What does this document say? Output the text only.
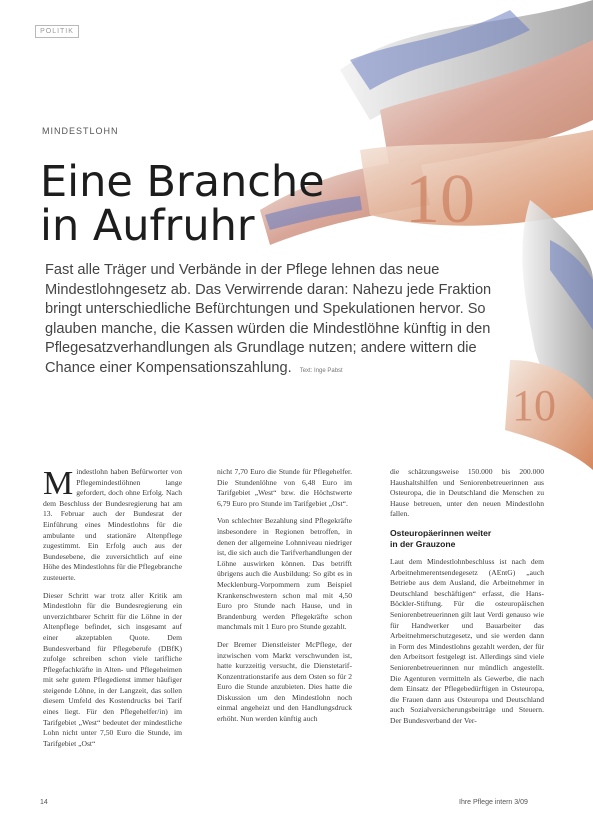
10
10
POLITIK
MINDESTLOHN
Eine Branche
in Aufruhr
Fast alle Träger und Verbände in der Pflege lehnen das neue Mindestlohngesetz ab. Das Verwirrende daran: Nahezu jede Fraktion bringt unterschiedliche Befürchtungen und Spekulationen hervor. So glauben manche, die Kassen würden die Mindestlöhne künftig in den Pflegesatzverhandlungen als Grundlage nutzen; andere wittern die Chance einer Kompensationszahlung. Text: Inge Pabst

Mindestlohn haben Befürworter von Pflegemindestlöhnen lange gefordert, doch ohne Erfolg. Nach dem Beschluss der Bundesregierung hat am 13. Februar auch der Bundesrat der Einführung eines Mindestlohns für die ambulante und stationäre Altenpflege zugestimmt. Ein Erfolg auch aus der Bundesebene, die zuversichtlich auf eine Höhe des Mindestlohns für die Pflegebranche zusteuerte.

Dieser Schritt war trotz aller Kritik am Mindestlohn für die Bundesregierung ein unverzichtbarer Schritt für die Löhne in der Altenpflege befindet, sich insgesamt auf einer akzeptablen Quote. Dem Bundesverband für Pflegeberufe (DBfK) zufolge schreiben schon viele tarifliche Pflegefachkräfte in Alten- und Pflegeheimen mit sehr gutem Pflegedienst immer häufiger steigende Löhne, in der Langzeit, das sollen diesem Umfeld des Kostendrucks bei Tarif eines liegt. Für den Pflegehelfer/in) im Tarifgebiet „West“ bedeutet der mindestliche Lohn nicht unter 7,50 Euro die Stunde, im Tarifgebiet „Ost“

nicht 7,70 Euro die Stunde für Pflegehelfer. Die Stundenlöhne von 6,48 Euro im Tarifgebiet „West“ bzw. die Höchstwerte 6,79 Euro pro Stunde im Tarifgebiet „Ost“.

Von schlechter Bezahlung sind Pflegekräfte insbesondere in Regionen betroffen, in denen der allgemeine Lohnniveau niedriger ist, die sich auch die Tarifverhandlungen der Löhne auswirken können. Das betrifft übrigens auch die Ausbildung: So gibt es in Mecklenburg-Vorpommern zum Beispiel Krankenschwestern schon mal mit 4,50 Euro pro Stunde nach Hause, und in Brandenburg werden Pflegekräfte schon manchmals mit 1 Euro pro Stunde gezahlt.

Der Bremer Dienstleister McPflege, der inzwischen vom Markt verschwunden ist, hatte kurzzeitig versucht, die Dienstetarif-Konzentrationstarife aus dem Osten so für 2 Euro die Stunde anzubieten. Dies hatte die Diskussion um den Mindestlohn noch einmal angeheizt und den Handlungsdruck erhöht. Nun werden künftig auch

die schätzungsweise 150.000 bis 200.000 Haushaltshilfen und Seniorenbetreuerinnen aus Osteuropa, die in Deutschland die Menschen zu Hause betreuen, unter den neuen Mindestlohn fallen.

Osteuropäerinnen weiter
in der Grauzone

Laut dem Mindestlohnbeschluss ist nach dem Arbeitnehmerentsendegesetz (AEntG) „auch Betriebe aus dem Ausland, die Arbeitnehmer in Deutschland beschäftigen“ erfasst, die Hans-Böckler-Stiftung. Für die osteuropäischen Seniorenbetreuerinnen gilt laut Verdi genauso wie für Handwerker und Bauarbeiter das Arbeitnehmerschutzgesetz, und sie werden dann in Form des Mindestlohns gezahlt werden, der für den Arbeitsort festgelegt ist. Allerdings sind viele Seniorenbetreuerinnen nur mündlich angestellt. Die Agenturen vermitteln als Gewerbe, die nach dem Einsatz der Pflegebedürftigen in Osteuropa, die Frauen dann aus Osteuropa und Deutschland auch Sozialversicherungsbeiträge und Steuern. Der Bundesverband der Ver-

14	Ihre Pflege intern 3/09
